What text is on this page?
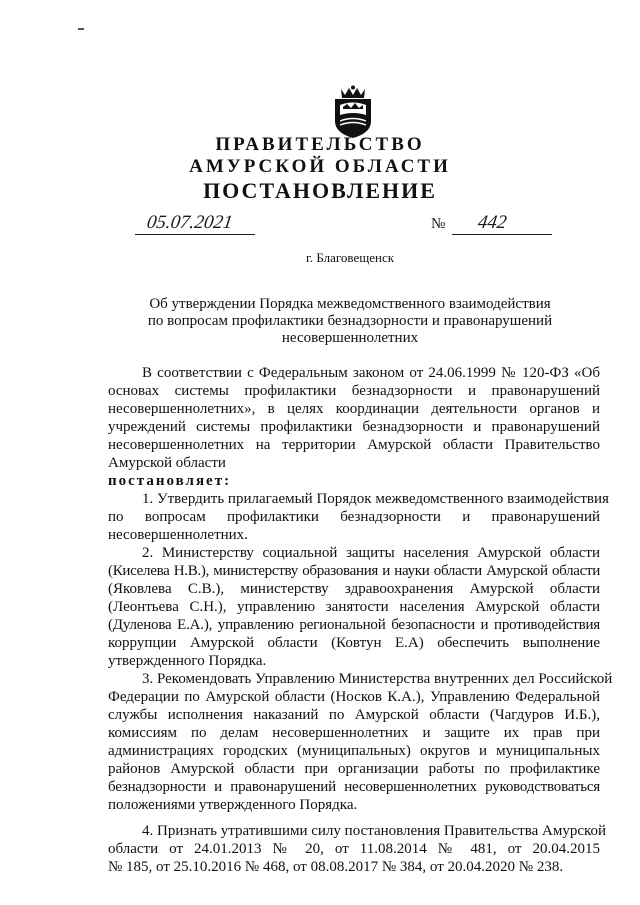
ПРАВИТЕЛЬСТВО
АМУРСКОЙ ОБЛАСТИ
ПОСТАНОВЛЕНИЕ
05.07.2021	№ 442
г. Благовещенск
Об утверждении Порядка межведомственного взаимодействия
по вопросам профилактики безнадзорности и правонарушений
несовершеннолетних
В соответствии с Федеральным законом от 24.06.1999 № 120-ФЗ «Об
основах системы профилактики безнадзорности и правонарушений
несовершеннолетних», в целях координации деятельности органов и
учреждений системы профилактики безнадзорности и правонарушений
несовершеннолетних на территории Амурской области Правительство
Амурской области
постановляет:
1. Утвердить прилагаемый Порядок межведомственного взаимодействия
по вопросам профилактики безнадзорности и правонарушений
несовершеннолетних.
2. Министерству социальной защиты населения Амурской области
(Киселева Н.В.), министерству образования и науки области Амурской области
(Яковлева С.В.), министерству здравоохранения Амурской области
(Леонтьева С.Н.), управлению занятости населения Амурской области
(Дуленова Е.А.), управлению региональной безопасности и противодействия
коррупции Амурской области (Ковтун Е.А) обеспечить выполнение
утвержденного Порядка.
3. Рекомендовать Управлению Министерства внутренних дел Российской
Федерации по Амурской области (Носков К.А.), Управлению Федеральной
службы исполнения наказаний по Амурской области (Чагдуров И.Б.),
комиссиям по делам несовершеннолетних и защите их прав при
администрациях городских (муниципальных) округов и муниципальных
районов Амурской области при организации работы по профилактике
безнадзорности и правонарушений несовершеннолетних руководствоваться
положениями утвержденного Порядка.
4. Признать утратившими силу постановления Правительства Амурской
области от 24.01.2013 № 20, от 11.08.2014 № 481, от 20.04.2015
№ 185, от 25.10.2016 № 468, от 08.08.2017 № 384, от 20.04.2020 № 238.
